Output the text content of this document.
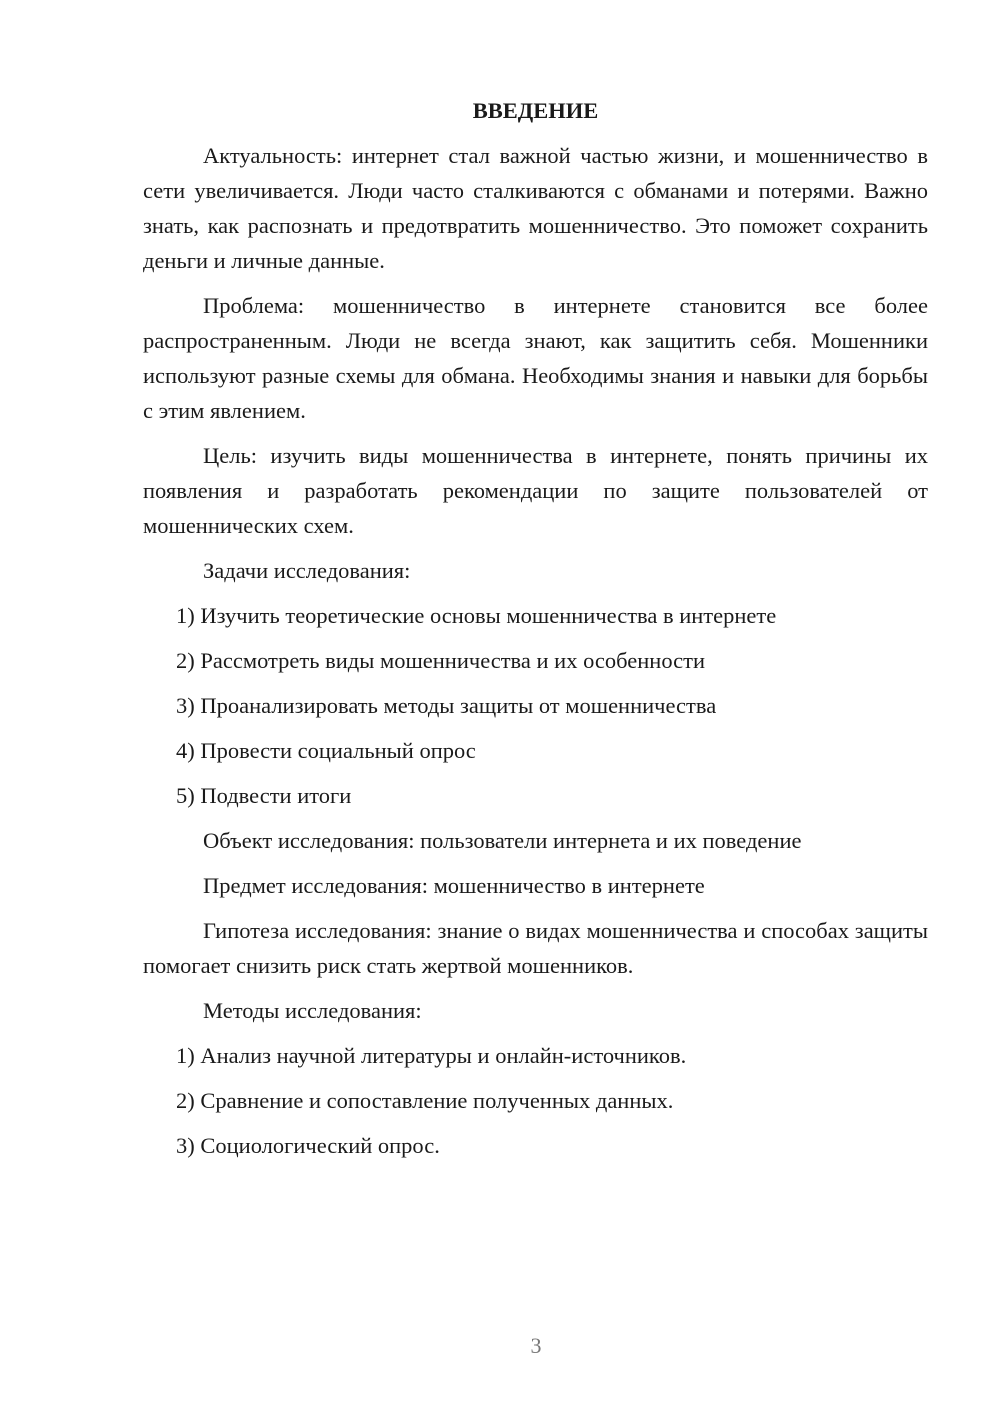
ВВЕДЕНИЕ

Актуальность: интернет стал важной частью жизни, и мошенничество в сети увеличивается. Люди часто сталкиваются с обманами и потерями. Важно знать, как распознать и предотвратить мошенничество. Это поможет сохранить деньги и личные данные.

Проблема: мошенничество в интернете становится все более распространенным. Люди не всегда знают, как защитить себя. Мошенники используют разные схемы для обмана. Необходимы знания и навыки для борьбы с этим явлением.

Цель: изучить виды мошенничества в интернете, понять причины их появления и разработать рекомендации по защите пользователей от мошеннических схем.

Задачи исследования:
1) Изучить теоретические основы мошенничества в интернете
2) Рассмотреть виды мошенничества и их особенности
3) Проанализировать методы защиты от мошенничества
4) Провести социальный опрос
5) Подвести итоги
Объект исследования: пользователи интернета и их поведение
Предмет исследования: мошенничество в интернете

Гипотеза исследования: знание о видах мошенничества и способах защиты помогает снизить риск стать жертвой мошенников.

Методы исследования:
1) Анализ научной литературы и онлайн-источников.
2) Сравнение и сопоставление полученных данных.
3) Социологический опрос.
3
